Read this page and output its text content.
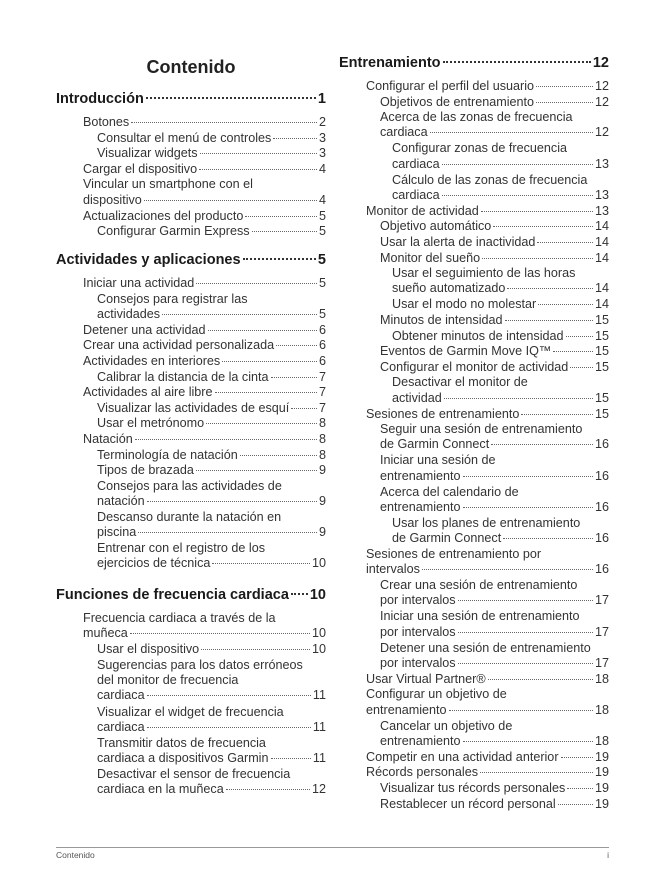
Contenido
Introducción	1
Botones	2
Consultar el menú de controles	3
Visualizar widgets	3
Cargar el dispositivo	4
Vincular un smartphone con el
dispositivo	4
Actualizaciones del producto	5
Configurar Garmin Express	5
Actividades y aplicaciones	5
Iniciar una actividad	5
Consejos para registrar las
actividades	5
Detener una actividad	6
Crear una actividad personalizada	6
Actividades en interiores	6
Calibrar la distancia de la cinta	7
Actividades al aire libre	7
Visualizar las actividades de esquí 7
Usar el metrónomo	8
Natación	8
Terminología de natación	8
Tipos de brazada	9
Consejos para las actividades de
natación	9
Descanso durante la natación en
piscina	9
Entrenar con el registro de los
ejercicios de técnica	10
Funciones de frecuencia cardiaca 10
Frecuencia cardiaca a través de la
muñeca	10
Usar el dispositivo	10
Sugerencias para los datos erróneos
del monitor de frecuencia
cardiaca	11
Visualizar el widget de frecuencia
cardiaca	11
Transmitir datos de frecuencia
cardiaca a dispositivos Garmin	11
Desactivar el sensor de frecuencia
cardiaca en la muñeca	12
Entrenamiento	12
Configurar el perfil del usuario	12
Objetivos de entrenamiento	12
Acerca de las zonas de frecuencia
cardiaca	12
Configurar zonas de frecuencia
cardiaca	13
Cálculo de las zonas de frecuencia
cardiaca	13
Monitor de actividad	13
Objetivo automático	14
Usar la alerta de inactividad	14
Monitor del sueño	14
Usar el seguimiento de las horas
sueño automatizado	14
Usar el modo no molestar	14
Minutos de intensidad	15
Obtener minutos de intensidad 15
Eventos de Garmin Move IQ™	15
Configurar el monitor de actividad 15
Desactivar el monitor de
actividad	15
Sesiones de entrenamiento	15
Seguir una sesión de entrenamiento
de Garmin Connect	16
Iniciar una sesión de
entrenamiento	16
Acerca del calendario de
entrenamiento	16
Usar los planes de entrenamiento
de Garmin Connect	16
Sesiones de entrenamiento por
intervalos	16
Crear una sesión de entrenamiento
por intervalos	17
Iniciar una sesión de entrenamiento
por intervalos	17
Detener una sesión de entrenamiento
por intervalos	17
Usar Virtual Partner®	18
Configurar un objetivo de
entrenamiento	18
Cancelar un objetivo de
entrenamiento	18
Competir en una actividad anterior	19
Récords personales	19
Visualizar tus récords personales 19
Restablecer un récord personal	19
Contenido	i
